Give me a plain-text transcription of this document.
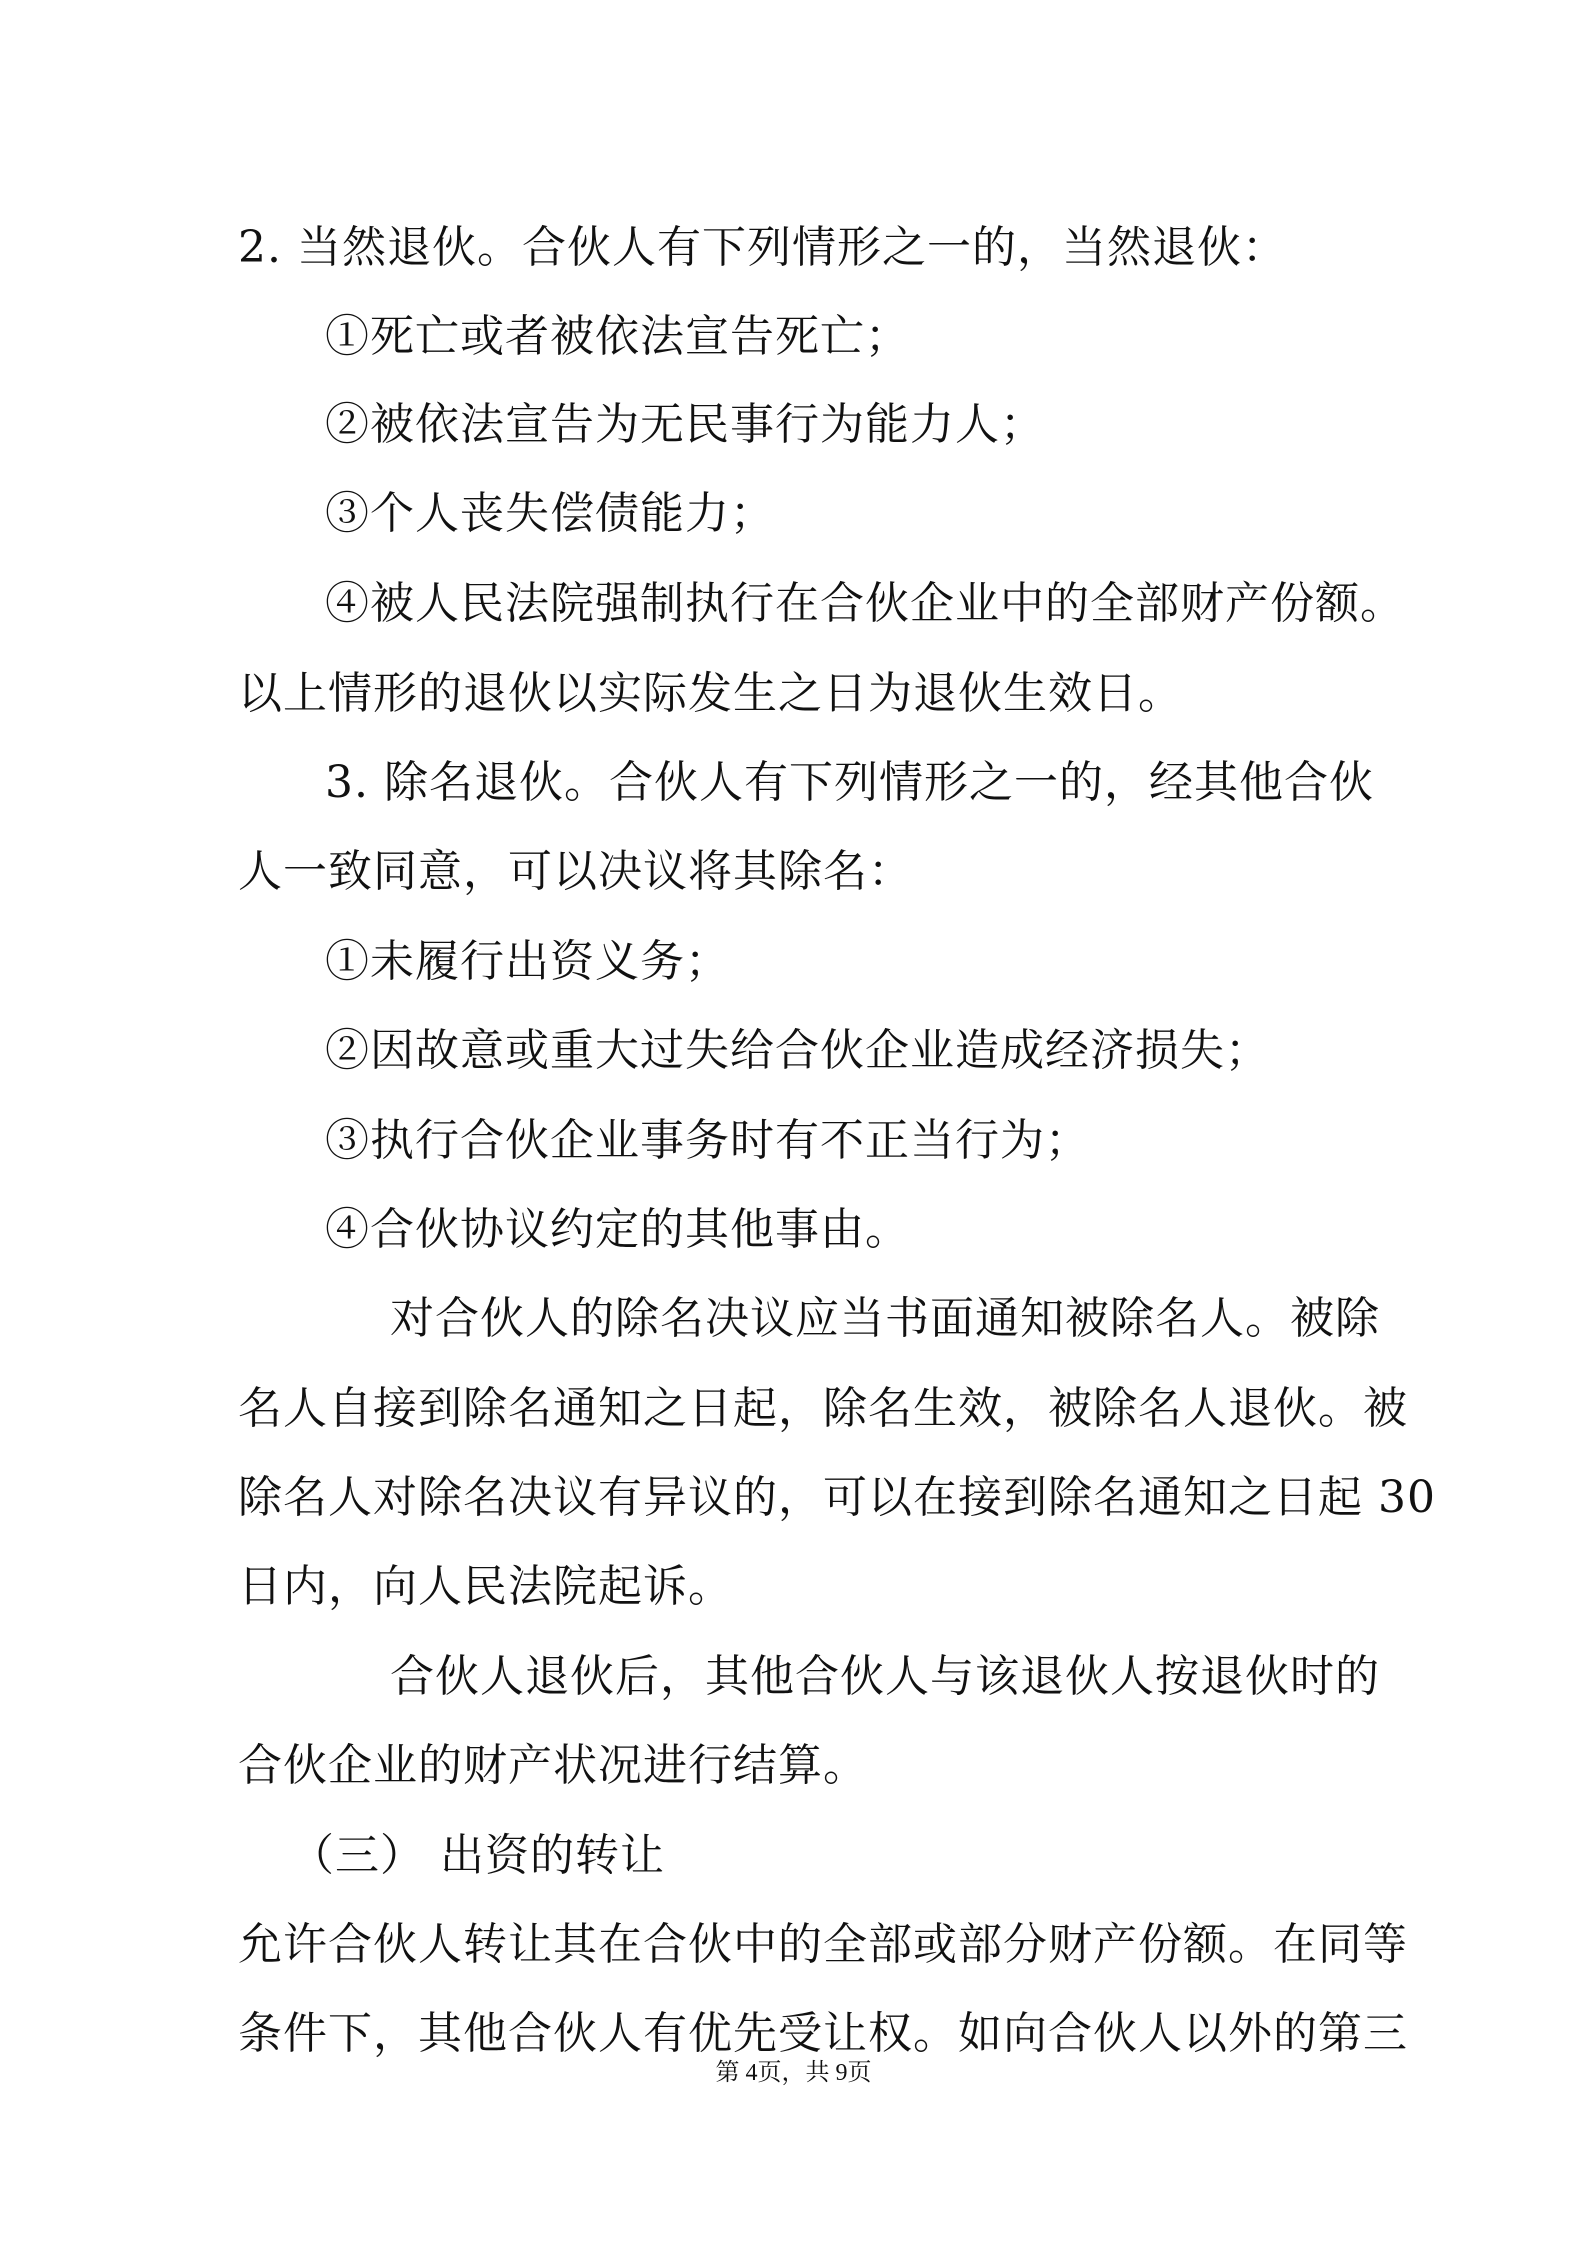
2. 当然退伙。合伙人有下列情形之一的，当然退伙：
①死亡或者被依法宣告死亡；
②被依法宣告为无民事行为能力人；
③个人丧失偿债能力；
④被人民法院强制执行在合伙企业中的全部财产份额。
以上情形的退伙以实际发生之日为退伙生效日。
3. 除名退伙。合伙人有下列情形之一的，经其他合伙
人一致同意，可以决议将其除名：
①未履行出资义务；
②因故意或重大过失给合伙企业造成经济损失；
③执行合伙企业事务时有不正当行为；
④合伙协议约定的其他事由。
对合伙人的除名决议应当书面通知被除名人。被除
名人自接到除名通知之日起，除名生效，被除名人退伙。被
除名人对除名决议有异议的，可以在接到除名通知之日起 30
日内，向人民法院起诉。
合伙人退伙后，其他合伙人与该退伙人按退伙时的
合伙企业的财产状况进行结算。
（三） 出资的转让
允许合伙人转让其在合伙中的全部或部分财产份额。在同等
条件下，其他合伙人有优先受让权。如向合伙人以外的第三
第 4页，共 9页
